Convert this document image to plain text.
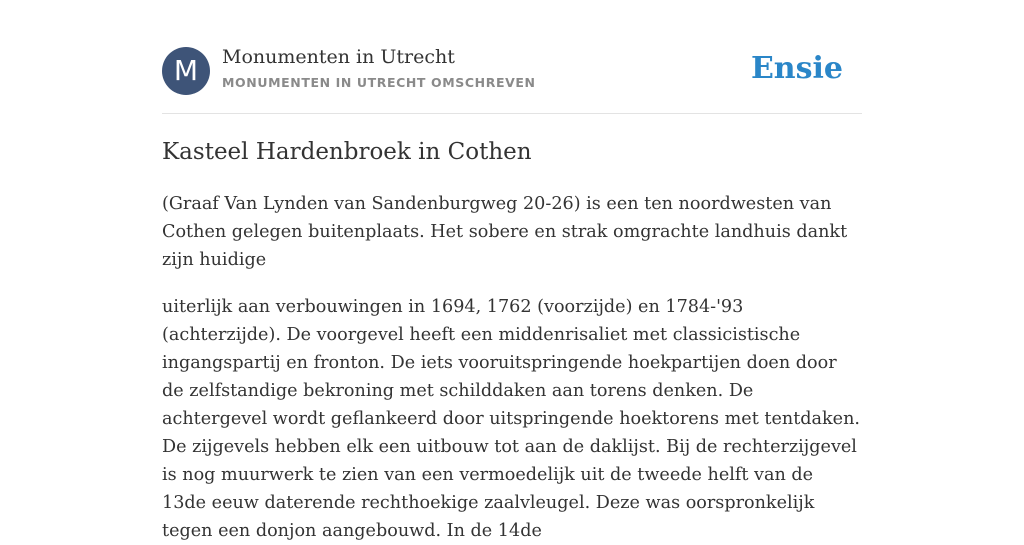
M	Monumenten in Utrecht
MONUMENTEN IN UTRECHT OMSCHREVEN	Ensie
Kasteel Hardenbroek in Cothen

(Graaf Van Lynden van Sandenburgweg 20-26) is een ten noordwesten van Cothen gelegen buitenplaats. Het sobere en strak omgrachte landhuis dankt zijn huidige

uiterlijk aan verbouwingen in 1694, 1762 (voorzijde) en 1784-'93 (achterzijde). De voorgevel heeft een middenrisaliet met classicistische ingangspartij en fronton. De iets vooruitspringende hoekpartijen doen door de zelfstandige bekroning met schilddaken aan torens denken. De achtergevel wordt geflankeerd door uitspringende hoektorens met tentdaken. De zijgevels hebben elk een uitbouw tot aan de daklijst. Bij de rechterzijgevel is nog muurwerk te zien van een vermoedelijk uit de tweede helft van de 13de eeuw daterende rechthoekige zaalvleugel. Deze was oorspronkelijk tegen een donjon aangebouwd. In de 14de
